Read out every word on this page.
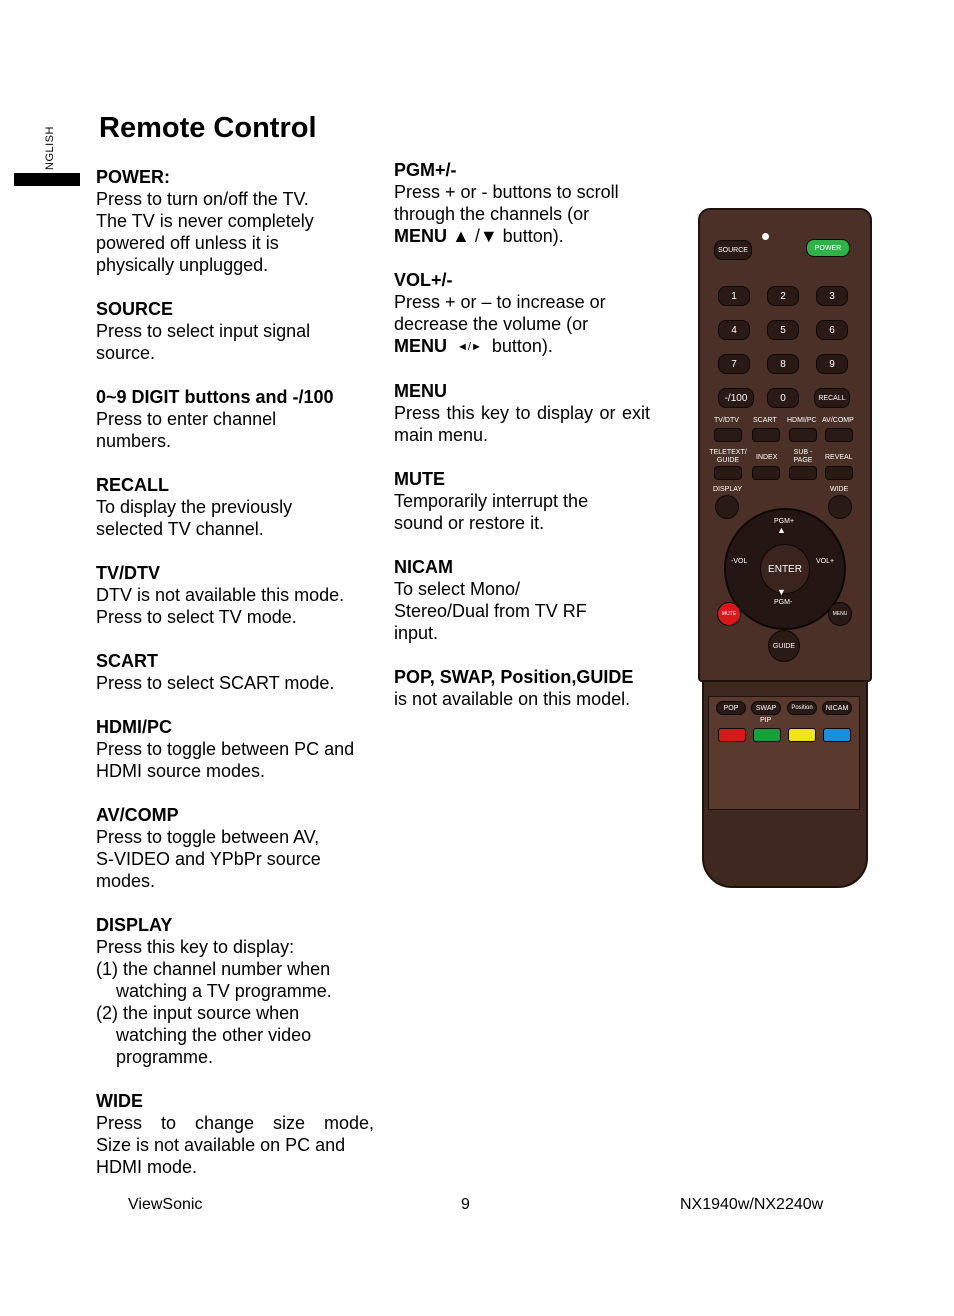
NGLISH Remote Control
POWER:
Press to turn on/off the TV.
The TV is never completely
powered off unless it is
physically unplugged.
SOURCE
Press to select input signal
source.
0~9 DIGIT buttons and -/100
Press to enter channel
numbers.
RECALL
To display the previously
selected TV channel.
TV/DTV
DTV is not available this mode.
Press to select TV mode.
SCART
Press to select SCART mode.
HDMI/PC
Press to toggle between PC and
HDMI source modes.
AV/COMP
Press to toggle between AV,
S-VIDEO and YPbPr source
modes.
DISPLAY
Press this key to display:
(1) the channel number when
watching a TV programme.
(2) the input source when
watching the other video
programme.
WIDE
Press to change size mode,
Size is not available on PC and
HDMI mode.
PGM+/-
Press + or - buttons to scroll
through the channels (or
MENU ▲ /▼ button).
VOL+/-
Press + or – to increase or
decrease the volume (or
MENU ◄/► button).
MENU
Press this key to display or exit main menu.
MUTE
Temporarily interrupt the
sound or restore it.
NICAM
To select Mono/
Stereo/Dual from TV RF
input.
POP, SWAP, Position,GUIDE
is not available on this model.
SOURCE	POWER
1	2	3
4	5	6
7	8	9
-/100	0	RECALL
TV/DTV SCART HDMI/PC AV/COMP
TELETEXT/ GUIDE	INDEX
SUB -PAGE	REVEAL
DISPLAY	WIDE
PGM+
▲
-VOL	VOL+
ENTER
▼
PGM-
MUTE	MENU
GUIDE
POP	SWAP	Position	NICAM
PIP
ViewSonic	9	NX1940w/NX2240w
